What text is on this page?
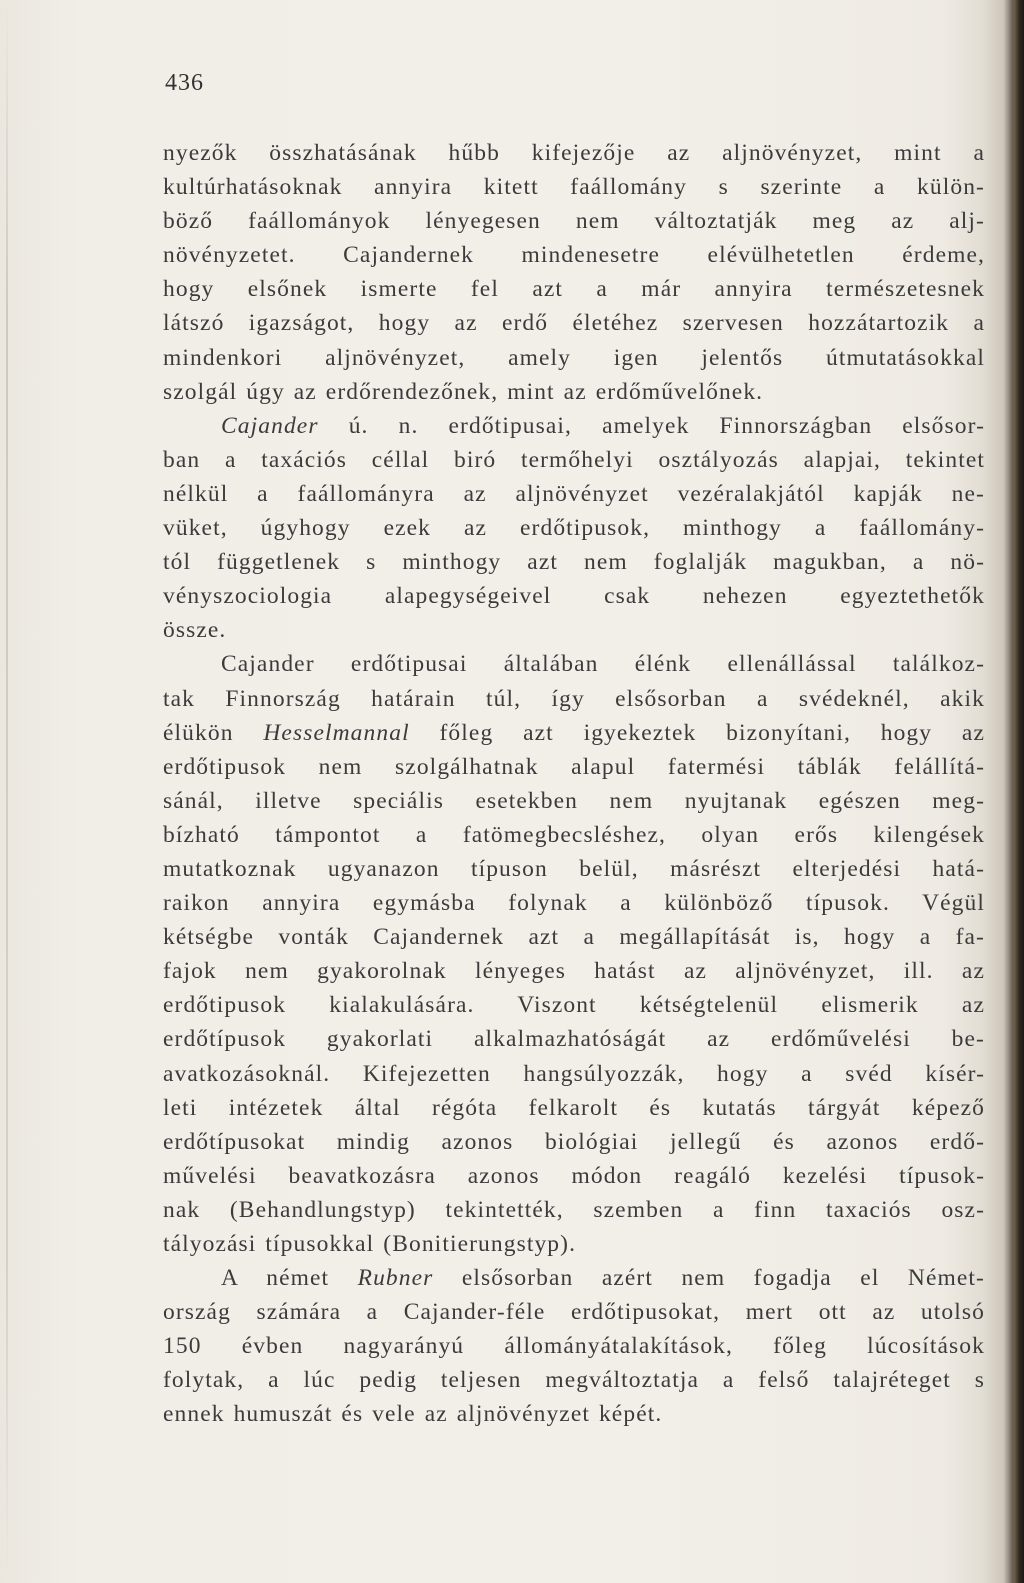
436
nyezők összhatásának hűbb kifejezője az aljnövényzet, mint a
kultúrhatásoknak annyira kitett faállomány s szerinte a külön-
böző faállományok lényegesen nem változtatják meg az alj-
növényzetet. Cajandernek mindenesetre elévülhetetlen érdeme,
hogy elsőnek ismerte fel azt a már annyira természetesnek
látszó igazságot, hogy az erdő életéhez szervesen hozzátartozik a
mindenkori aljnövényzet, amely igen jelentős útmutatásokkal
szolgál úgy az erdőrendezőnek, mint az erdőművelőnek.
Cajander ú. n. erdőtipusai, amelyek Finnországban elsősor-
ban a taxációs céllal biró termőhelyi osztályozás alapjai, tekintet
nélkül a faállományra az aljnövényzet vezéralakjától kapják ne-
vüket, úgyhogy ezek az erdőtipusok, minthogy a faállomány-
tól függetlenek s minthogy azt nem foglalják magukban, a nö-
vényszociologia alapegységeivel csak nehezen egyeztethetők
össze.
Cajander erdőtipusai általában élénk ellenállással találkoz-
tak Finnország határain túl, így elsősorban a svédeknél, akik
élükön Hesselmannal főleg azt igyekeztek bizonyítani, hogy az
erdőtipusok nem szolgálhatnak alapul fatermési táblák felállítá-
sánál, illetve speciális esetekben nem nyujtanak egészen meg-
bízható támpontot a fatömegbecsléshez, olyan erős kilengések
mutatkoznak ugyanazon típuson belül, másrészt elterjedési hatá-
raikon annyira egymásba folynak a különböző típusok. Végül
kétségbe vonták Cajandernek azt a megállapítását is, hogy a fa-
fajok nem gyakorolnak lényeges hatást az aljnövényzet, ill. az
erdőtipusok kialakulására. Viszont kétségtelenül elismerik az
erdőtípusok gyakorlati alkalmazhatóságát az erdőművelési be-
avatkozásoknál. Kifejezetten hangsúlyozzák, hogy a svéd kísér-
leti intézetek által régóta felkarolt és kutatás tárgyát képező
erdőtípusokat mindig azonos biológiai jellegű és azonos erdő-
művelési beavatkozásra azonos módon reagáló kezelési típusok-
nak (Behandlungstyp) tekintették, szemben a finn taxaciós osz-
tályozási típusokkal (Bonitierungstyp).
A német Rubner elsősorban azért nem fogadja el Német-
ország számára a Cajander-féle erdőtipusokat, mert ott az utolsó
150 évben nagyarányú állományátalakítások, főleg lúcosítások
folytak, a lúc pedig teljesen megváltoztatja a felső talajréteget s
ennek humuszát és vele az aljnövényzet képét.
